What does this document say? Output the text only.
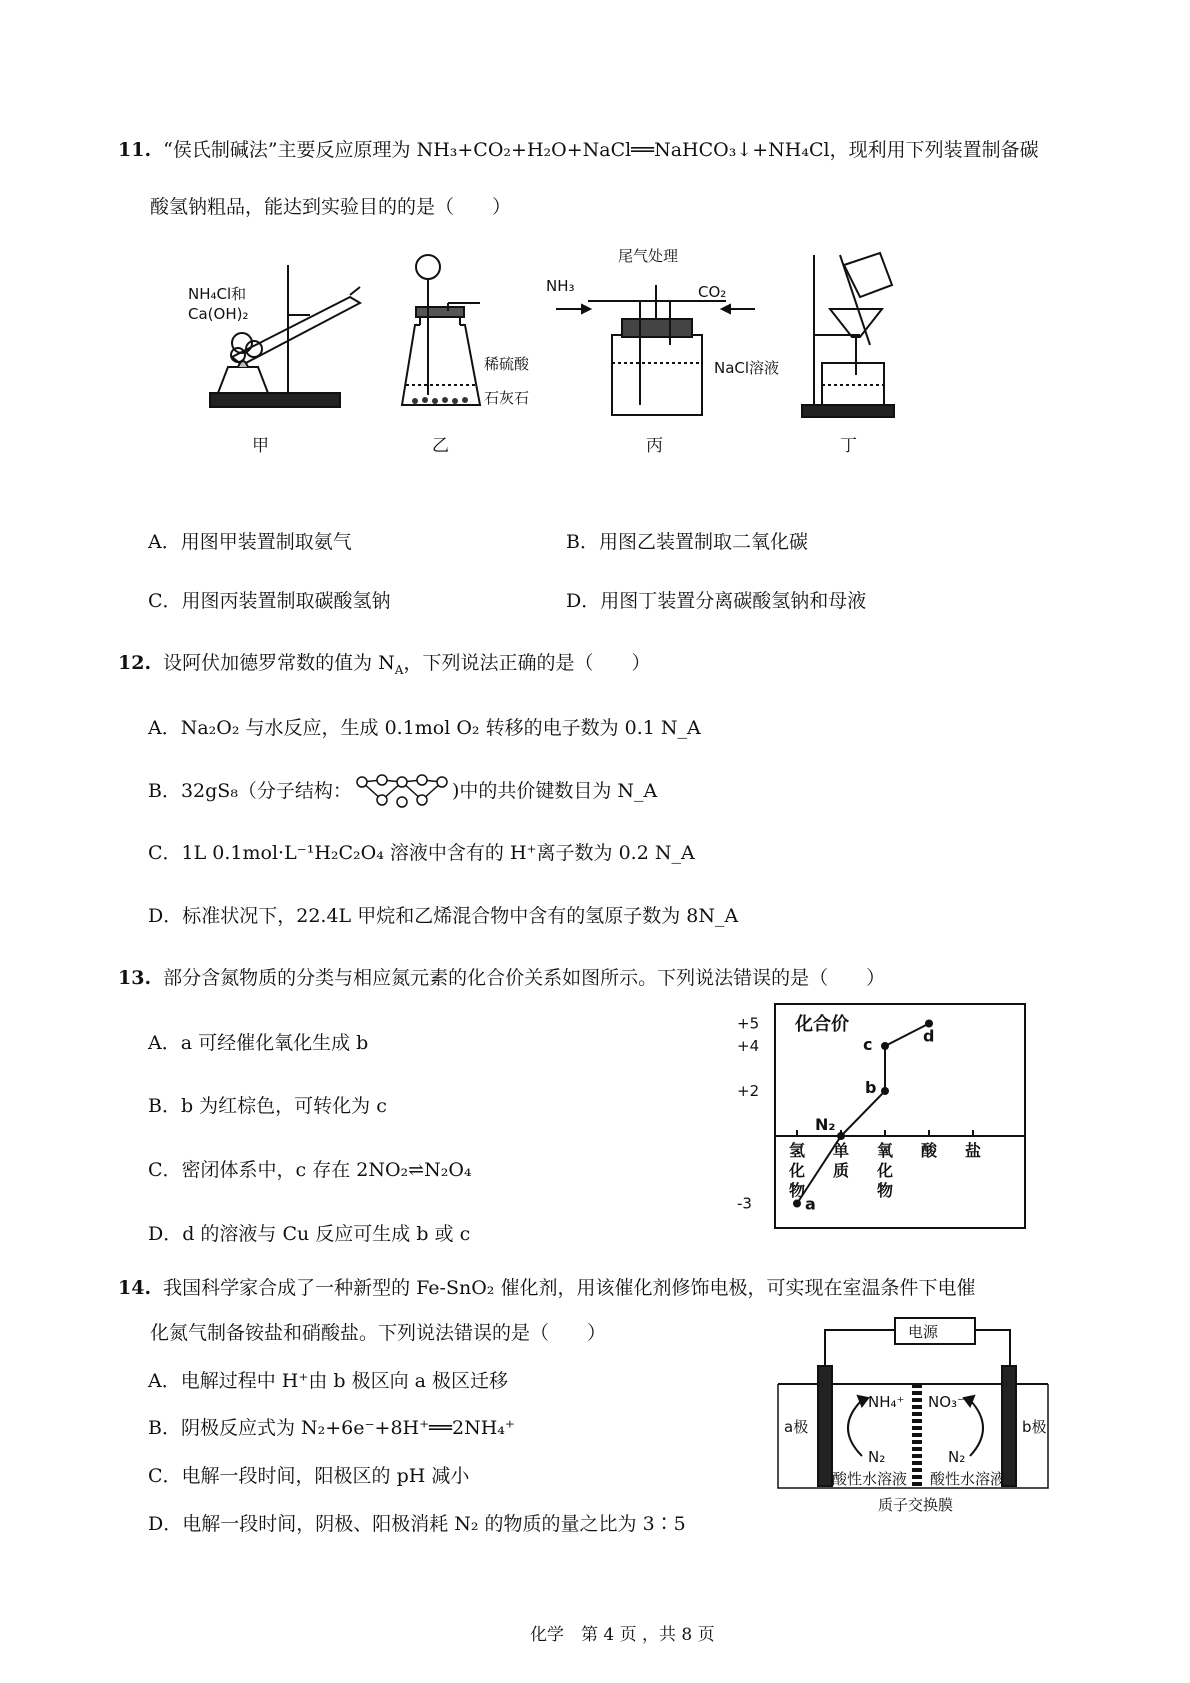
11. “侯氏制碱法”主要反应原理为 NH₃+CO₂+H₂O+NaCl══NaHCO₃↓+NH₄Cl，现利用下列装置制备碳
酸氢钠粗品，能达到实验目的的是（　　）
NH₄Cl和
Ca(OH)₂
稀硫酸
石灰石
尾气处理
NH₃	CO₂
NaCl溶液
甲	乙	丙	丁
A．用图甲装置制取氨气	B．用图乙装置制取二氧化碳
C．用图丙装置制取碳酸氢钠	D．用图丁装置分离碳酸氢钠和母液
12. 设阿伏加德罗常数的值为 $N_A$，下列说法正确的是（　　）
A．Na₂O₂ 与水反应，生成 0.1mol O₂ 转移的电子数为 0.1 N_A
B．32gS₈（分子结构：	)中的共价键数目为 N_A
C．1L 0.1mol·L⁻¹H₂C₂O₄ 溶液中含有的 H⁺离子数为 0.2 N_A
D．标准状况下，22.4L 甲烷和乙烯混合物中含有的氢原子数为 8N_A
13. 部分含氮物质的分类与相应氮元素的化合价关系如图所示。下列说法错误的是（　　）
A．a 可经催化氧化生成 b
B．b 为红棕色，可转化为 c
C．密闭体系中，c 存在 2NO₂⇌N₂O₄
D．d 的溶液与 Cu 反应可生成 b 或 c
化合价
+5
+4
+2
-3
氢
化
物
单
质
氧
化
物
酸 盐
a
N₂
b
c	d
14. 我国科学家合成了一种新型的 Fe-SnO₂ 催化剂，用该催化剂修饰电极，可实现在室温条件下电催
化氮气制备铵盐和硝酸盐。下列说法错误的是（　　）
A．电解过程中 H⁺由 b 极区向 a 极区迁移
B．阴极反应式为 N₂+6e⁻+8H⁺══2NH₄⁺
C．电解一段时间，阳极区的 pH 减小
D．电解一段时间，阴极、阳极消耗 N₂ 的物质的量之比为 3∶5
电源
a极	b极
NH₄⁺ NO₃⁻
N₂	N₂
酸性水溶液 酸性水溶液
质子交换膜
化学　第 4 页 ，共 8 页
